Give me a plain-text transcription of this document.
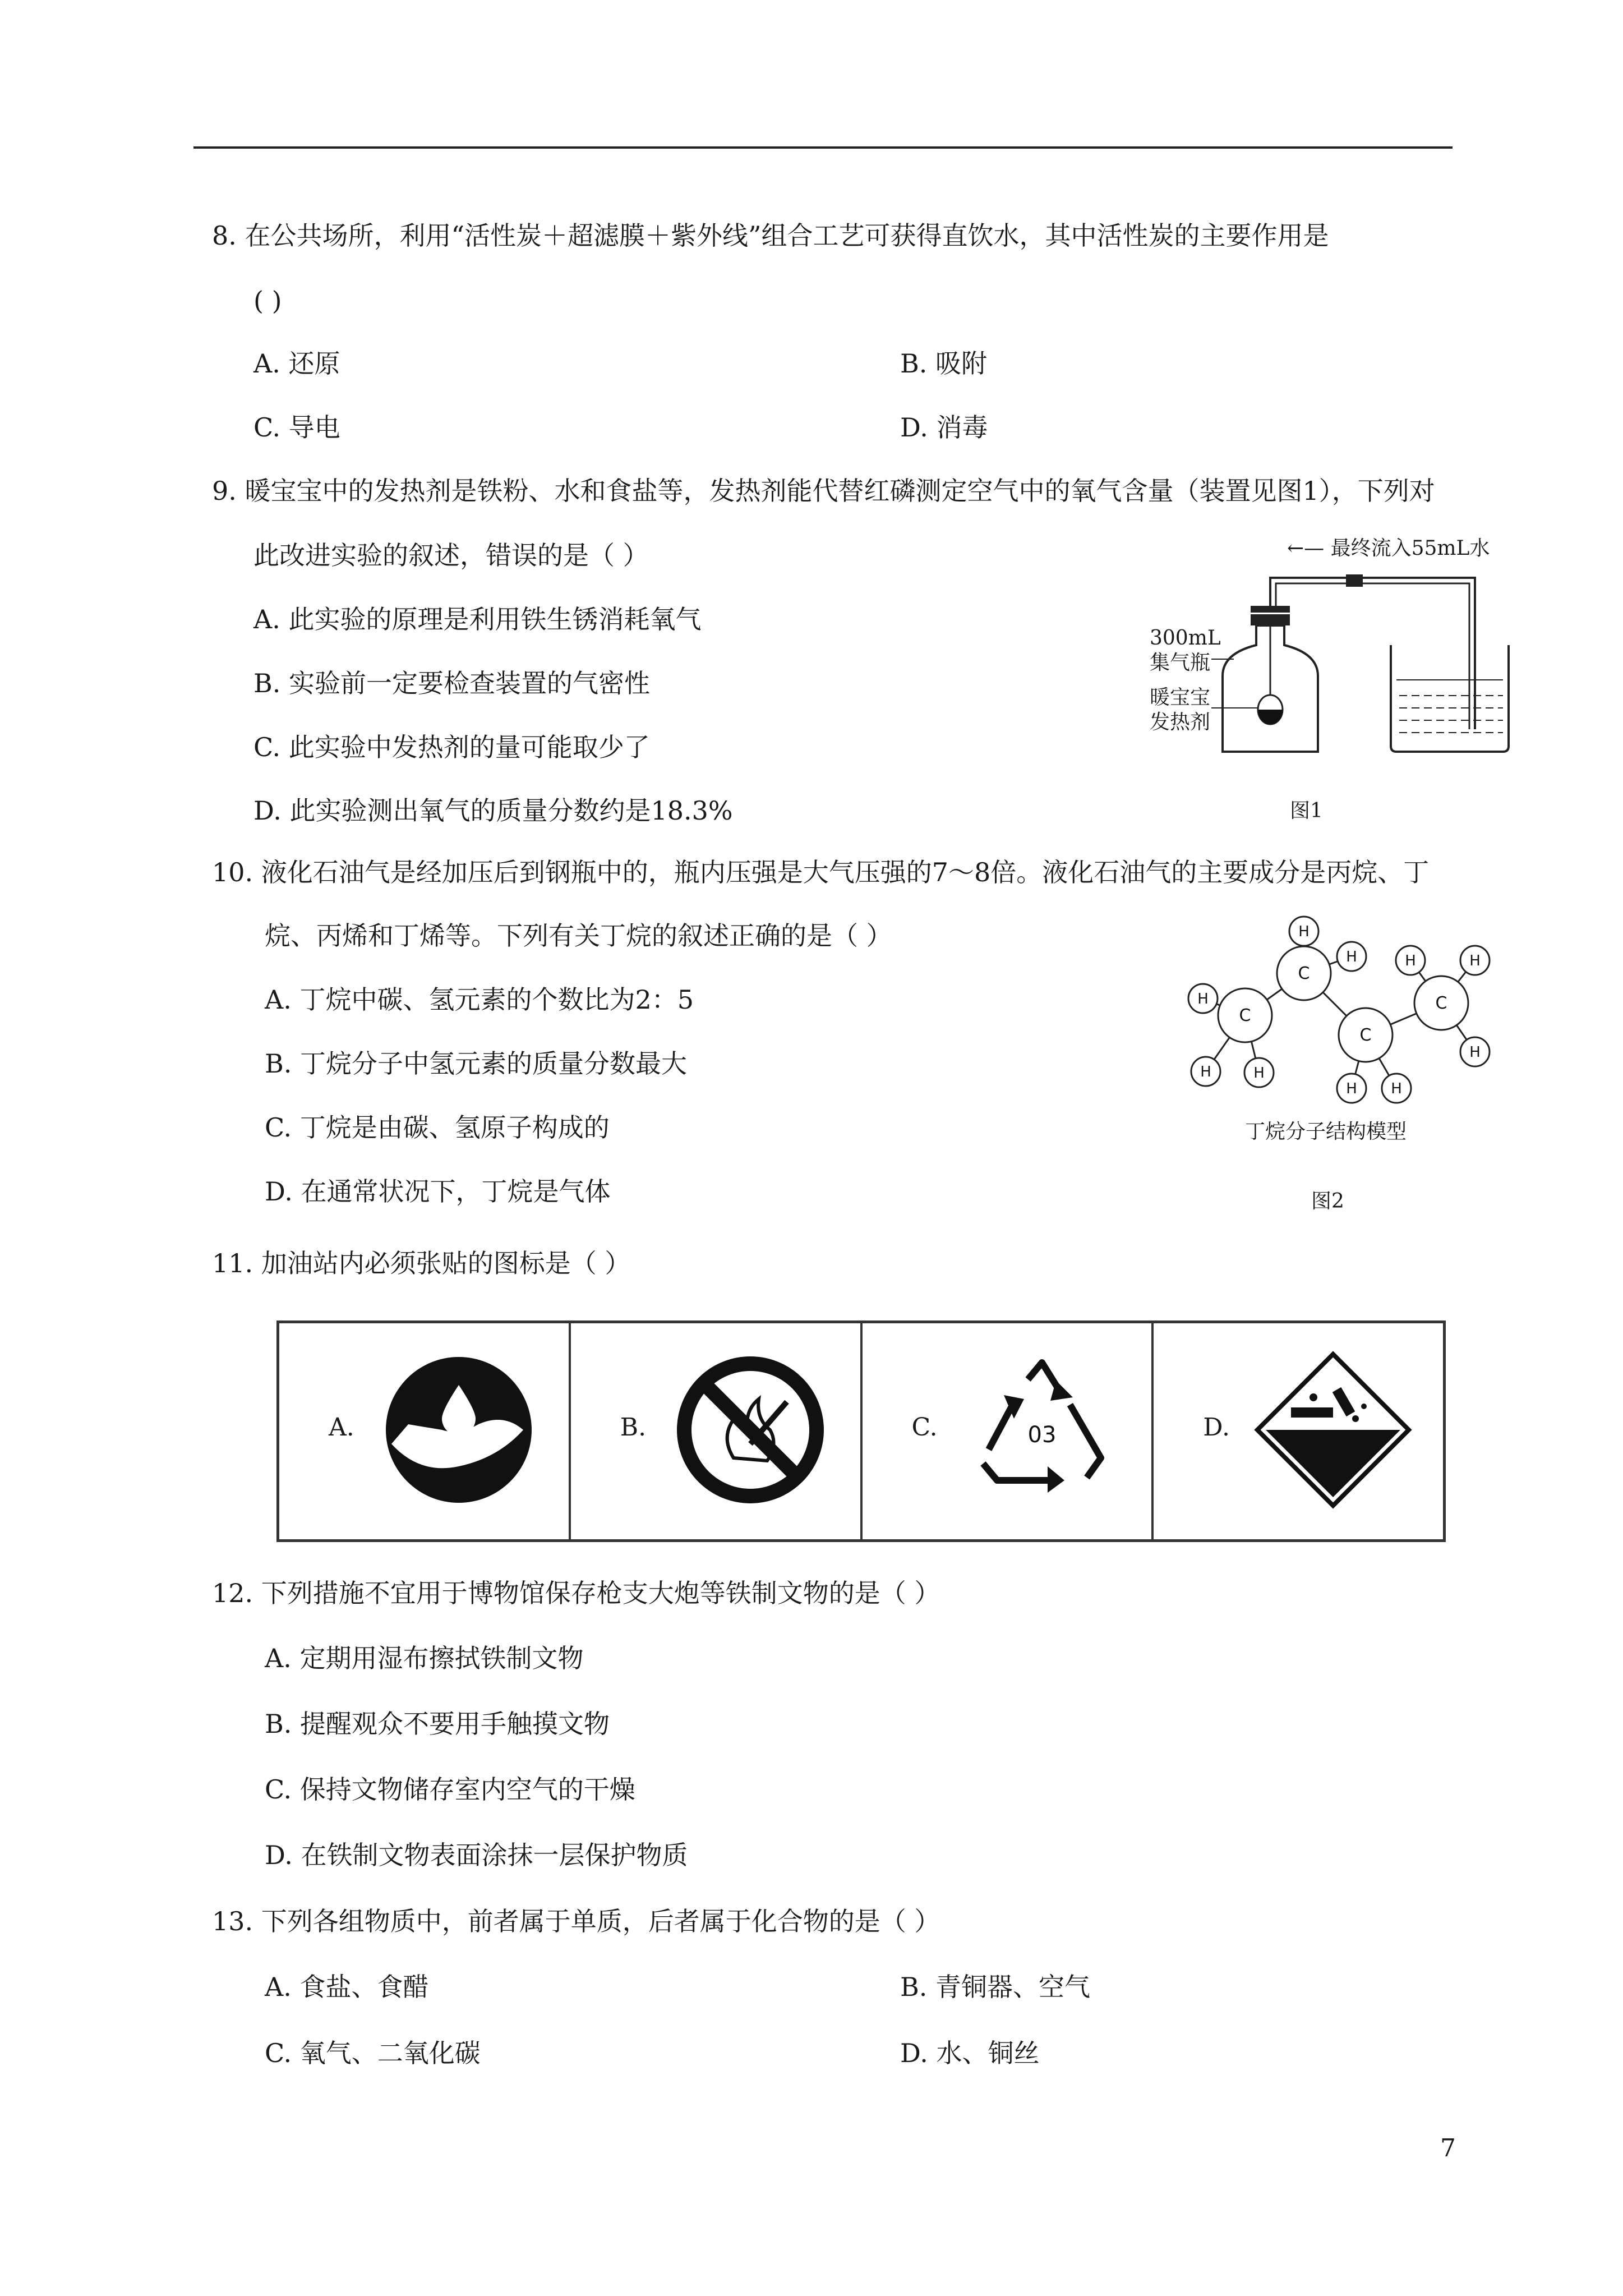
8. 在公共场所，利用“活性炭＋超滤膜＋紫外线”组合工艺可获得直饮水，其中活性炭的主要作用是
( )
A. 还原	B. 吸附
C. 导电	D. 消毒
9. 暖宝宝中的发热剂是铁粉、水和食盐等，发热剂能代替红磷测定空气中的氧气含量（装置见图1），下列对
此改进实验的叙述，错误的是（ ）
A. 此实验的原理是利用铁生锈消耗氧气
B. 实验前一定要检查装置的气密性
C. 此实验中发热剂的量可能取少了
D. 此实验测出氧气的质量分数约是18.3%
←— 最终流入55mL水
300mL
集气瓶
暖宝宝
发热剂
图1
10. 液化石油气是经加压后到钢瓶中的，瓶内压强是大气压强的7～8倍。液化石油气的主要成分是丙烷、丁
烷、丙烯和丁烯等。下列有关丁烷的叙述正确的是（ ）
A. 丁烷中碳、氢元素的个数比为2：5
B. 丁烷分子中氢元素的质量分数最大
C. 丁烷是由碳、氢原子构成的
D. 在通常状况下，丁烷是气体
C
C
C
C
H
H
H
H	H
H H
H	H
H
丁烷分子结构模型
图2
11. 加油站内必须张贴的图标是（ ）
A.	B.	C.	03	D.
12. 下列措施不宜用于博物馆保存枪支大炮等铁制文物的是（ ）
A. 定期用湿布擦拭铁制文物
B. 提醒观众不要用手触摸文物
C. 保持文物储存室内空气的干燥
D. 在铁制文物表面涂抹一层保护物质
13. 下列各组物质中，前者属于单质，后者属于化合物的是（ ）
A. 食盐、食醋	B. 青铜器、空气
C. 氧气、二氧化碳	D. 水、铜丝
7
